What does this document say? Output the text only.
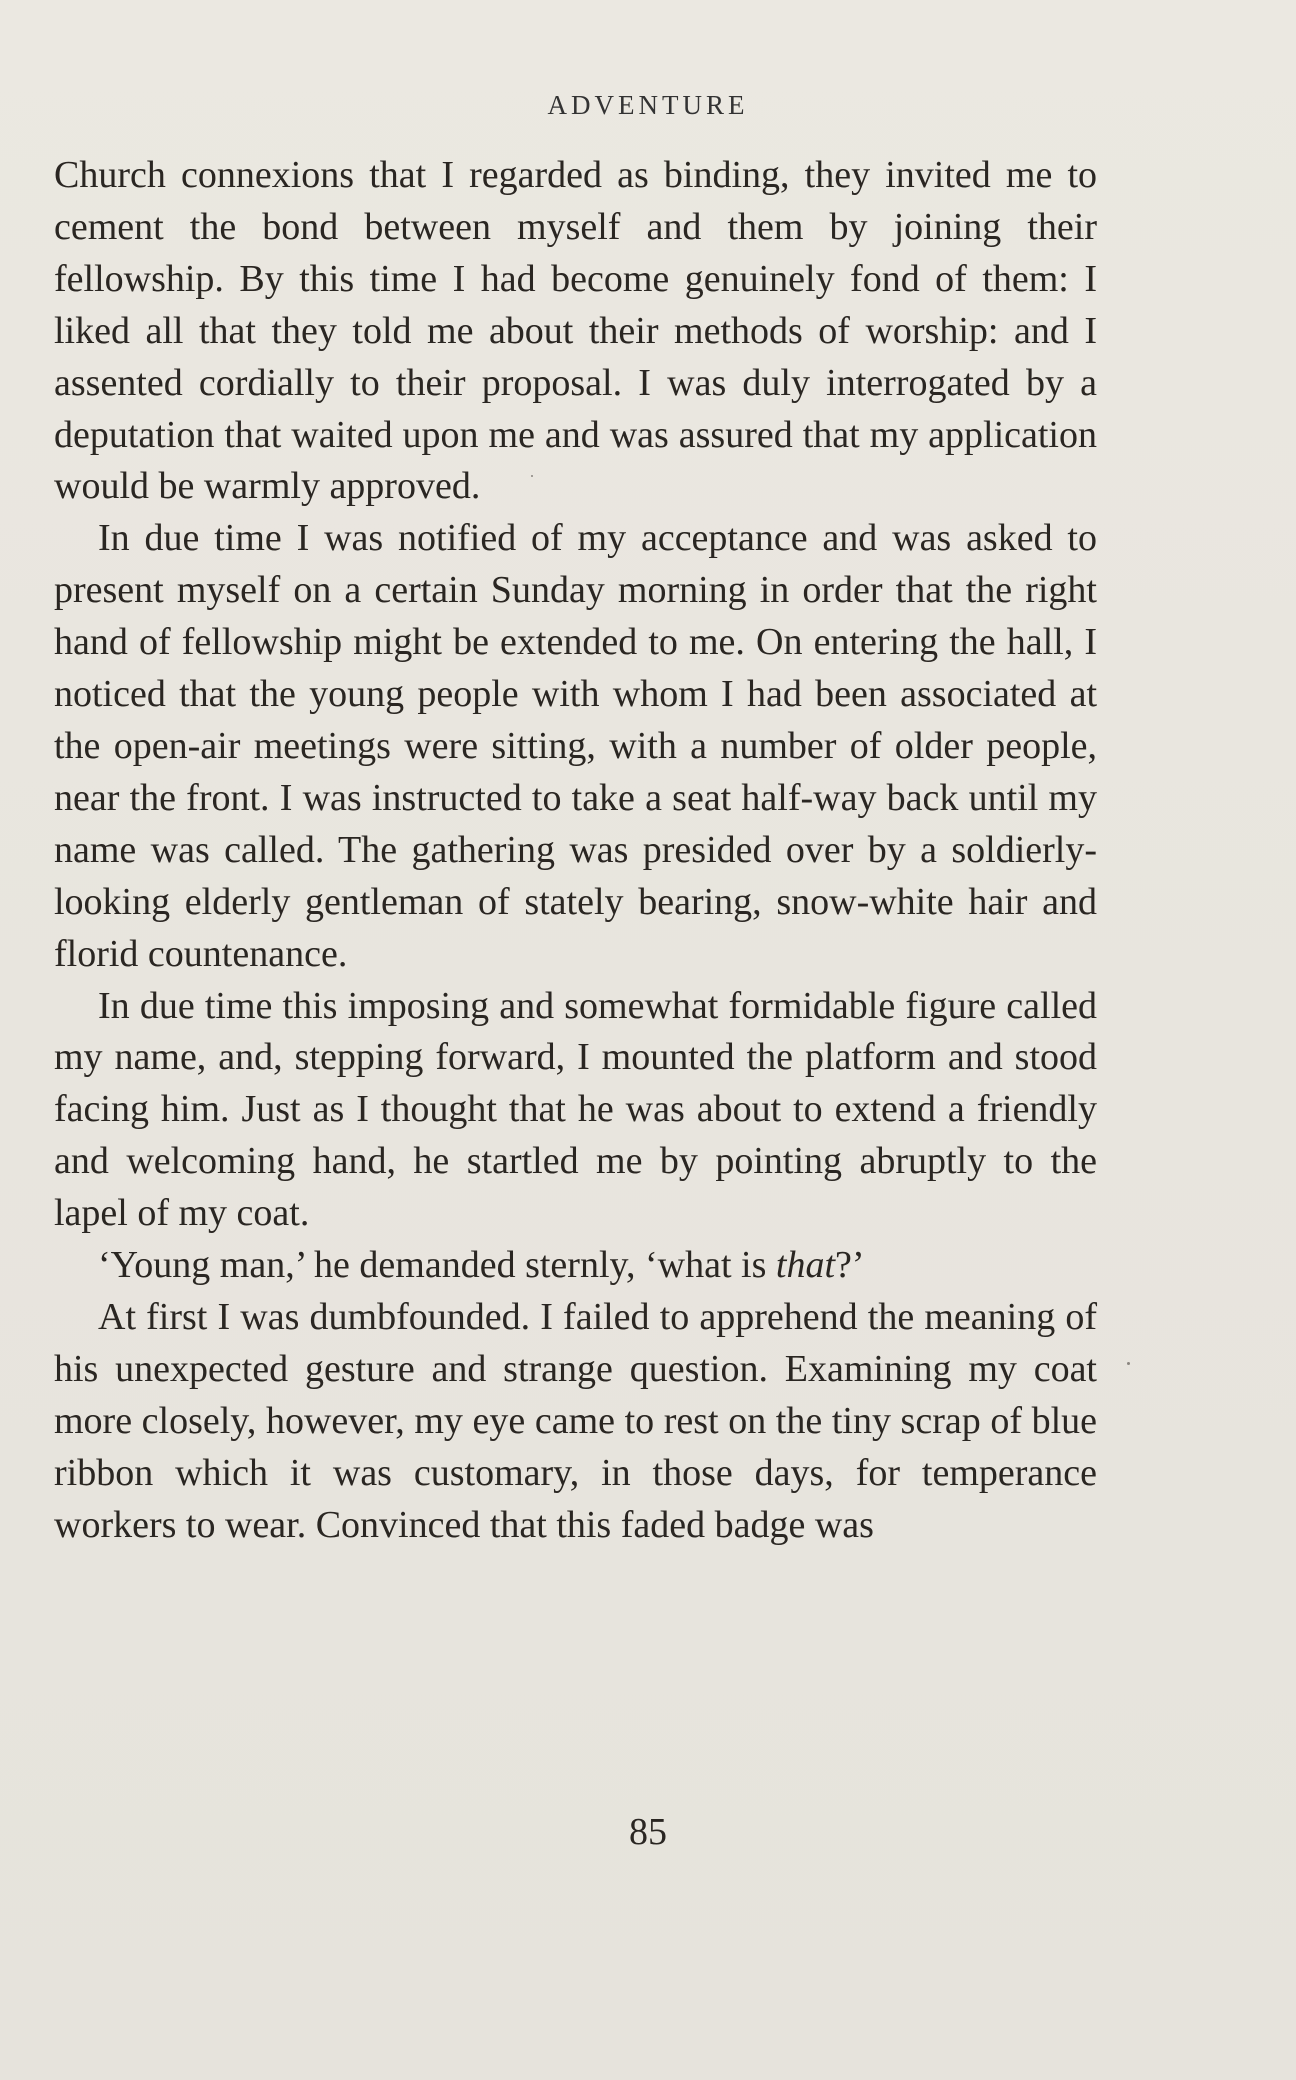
ADVENTURE

Church connexions that I regarded as binding, they invited me to cement the bond between myself and them by joining their fellowship. By this time I had become genuinely fond of them: I liked all that they told me about their methods of worship: and I assented cordially to their proposal. I was duly interrogated by a deputation that waited upon me and was assured that my application would be warmly approved.

In due time I was notified of my acceptance and was asked to present myself on a certain Sunday morning in order that the right hand of fellowship might be extended to me. On entering the hall, I noticed that the young people with whom I had been associated at the open-air meetings were sitting, with a number of older people, near the front. I was instructed to take a seat half-way back until my name was called. The gathering was presided over by a soldierly-looking elderly gentleman of stately bearing, snow-white hair and florid countenance.

In due time this imposing and somewhat formidable figure called my name, and, stepping forward, I mounted the platform and stood facing him. Just as I thought that he was about to extend a friendly and welcoming hand, he startled me by pointing abruptly to the lapel of my coat.

‘Young man,’ he demanded sternly, ‘what is that?’

At first I was dumbfounded. I failed to apprehend the meaning of his unexpected gesture and strange question. Examining my coat more closely, however, my eye came to rest on the tiny scrap of blue ribbon which it was customary, in those days, for temperance workers to wear. Convinced that this faded badge was

85
